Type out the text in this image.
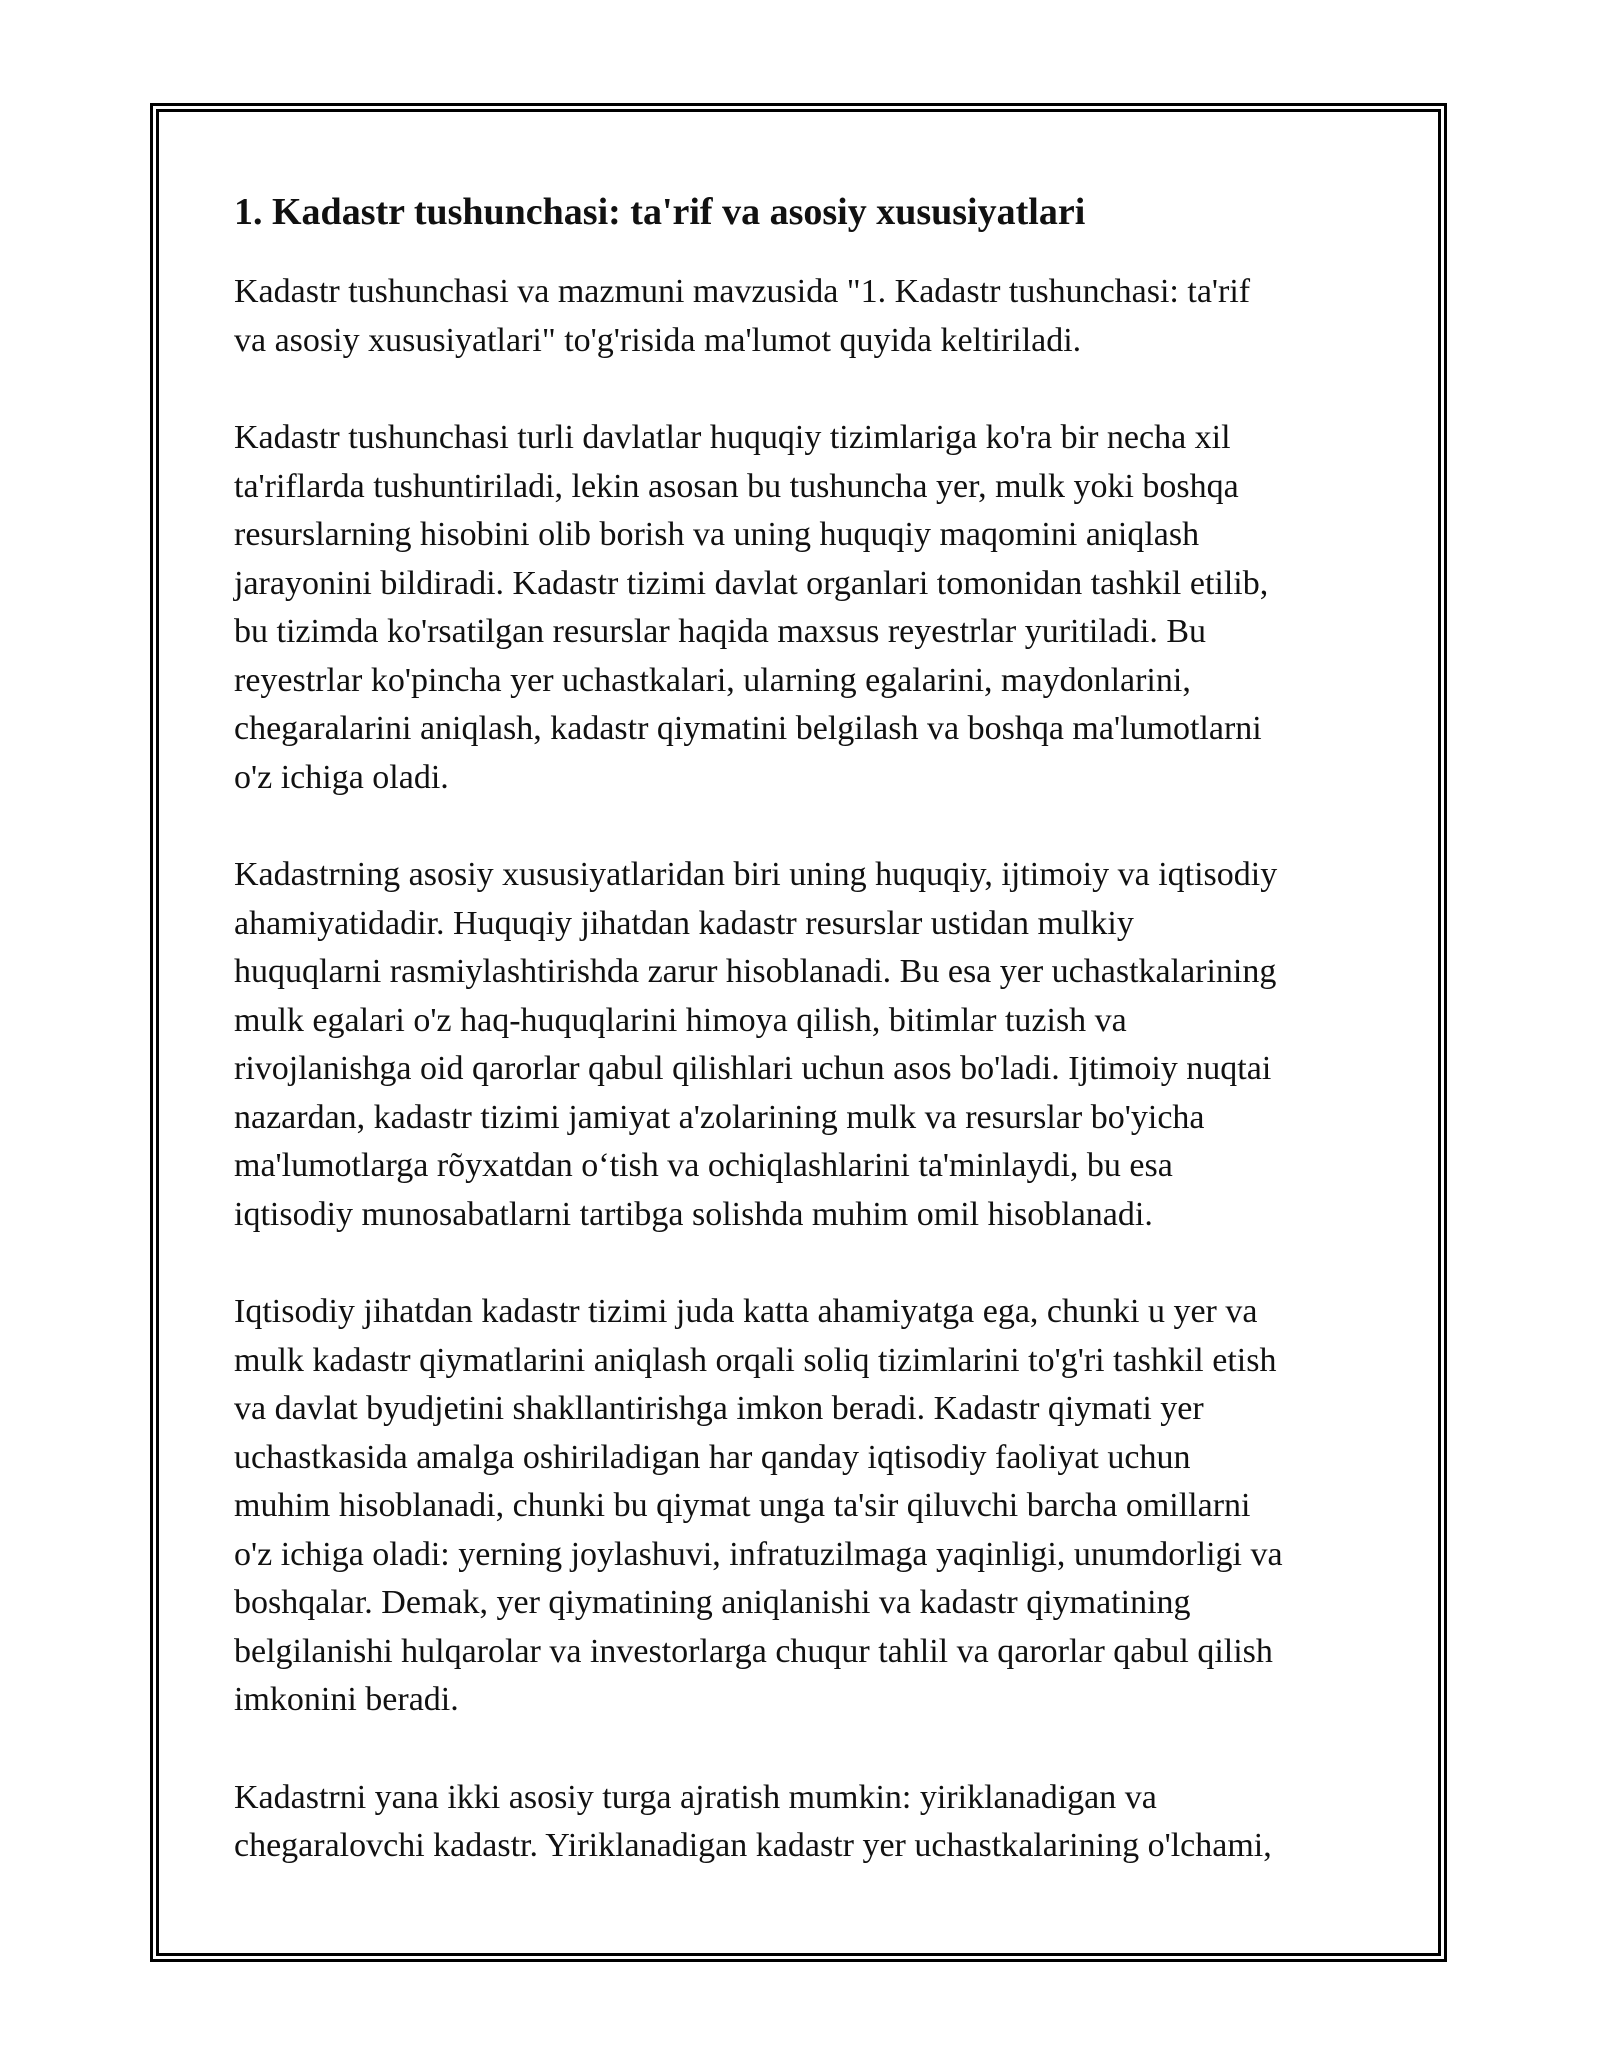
1. Kadastr tushunchasi: ta'rif va asosiy xususiyatlari

Kadastr tushunchasi va mazmuni mavzusida "1. Kadastr tushunchasi: ta'rif
va asosiy xususiyatlari" to'g'risida ma'lumot quyida keltiriladi.

Kadastr tushunchasi turli davlatlar huquqiy tizimlariga ko'ra bir necha xil
ta'riflarda tushuntiriladi, lekin asosan bu tushuncha yer, mulk yoki boshqa
resurslarning hisobini olib borish va uning huquqiy maqomini aniqlash
jarayonini bildiradi. Kadastr tizimi davlat organlari tomonidan tashkil etilib,
bu tizimda ko'rsatilgan resurslar haqida maxsus reyestrlar yuritiladi. Bu
reyestrlar ko'pincha yer uchastkalari, ularning egalarini, maydonlarini,
chegaralarini aniqlash, kadastr qiymatini belgilash va boshqa ma'lumotlarni
o'z ichiga oladi.

Kadastrning asosiy xususiyatlaridan biri uning huquqiy, ijtimoiy va iqtisodiy
ahamiyatidadir. Huquqiy jihatdan kadastr resurslar ustidan mulkiy
huquqlarni rasmiylashtirishda zarur hisoblanadi. Bu esa yer uchastkalarining
mulk egalari o'z haq-huquqlarini himoya qilish, bitimlar tuzish va
rivojlanishga oid qarorlar qabul qilishlari uchun asos bo'ladi. Ijtimoiy nuqtai
nazardan, kadastr tizimi jamiyat a'zolarining mulk va resurslar bo'yicha
ma'lumotlarga rõyxatdan o‘tish va ochiqlashlarini ta'minlaydi, bu esa
iqtisodiy munosabatlarni tartibga solishda muhim omil hisoblanadi.

Iqtisodiy jihatdan kadastr tizimi juda katta ahamiyatga ega, chunki u yer va
mulk kadastr qiymatlarini aniqlash orqali soliq tizimlarini to'g'ri tashkil etish
va davlat byudjetini shakllantirishga imkon beradi. Kadastr qiymati yer
uchastkasida amalga oshiriladigan har qanday iqtisodiy faoliyat uchun
muhim hisoblanadi, chunki bu qiymat unga ta'sir qiluvchi barcha omillarni
o'z ichiga oladi: yerning joylashuvi, infratuzilmaga yaqinligi, unumdorligi va
boshqalar. Demak, yer qiymatining aniqlanishi va kadastr qiymatining
belgilanishi hulqarolar va investorlarga chuqur tahlil va qarorlar qabul qilish
imkonini beradi.

Kadastrni yana ikki asosiy turga ajratish mumkin: yiriklanadigan va
chegaralovchi kadastr. Yiriklanadigan kadastr yer uchastkalarining o'lchami,
